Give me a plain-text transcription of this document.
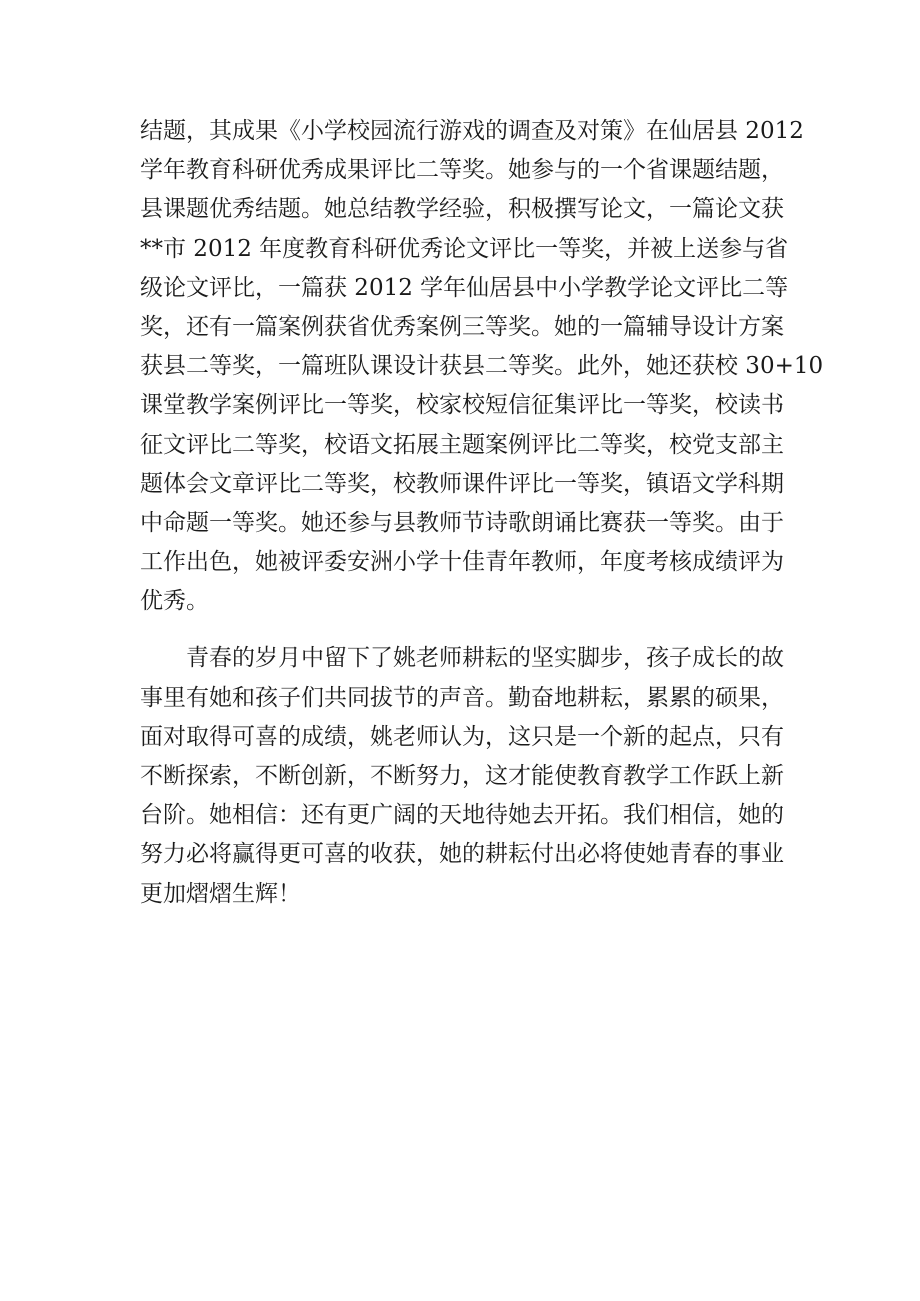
结题，其成果《小学校园流行游戏的调查及对策》在仙居县 2012
学年教育科研优秀成果评比二等奖。她参与的一个省课题结题，
县课题优秀结题。她总结教学经验，积极撰写论文，一篇论文获
**市 2012 年度教育科研优秀论文评比一等奖，并被上送参与省
级论文评比，一篇获 2012 学年仙居县中小学教学论文评比二等
奖，还有一篇案例获省优秀案例三等奖。她的一篇辅导设计方案
获县二等奖，一篇班队课设计获县二等奖。此外，她还获校 30+10
课堂教学案例评比一等奖，校家校短信征集评比一等奖，校读书
征文评比二等奖，校语文拓展主题案例评比二等奖，校党支部主
题体会文章评比二等奖，校教师课件评比一等奖，镇语文学科期
中命题一等奖。她还参与县教师节诗歌朗诵比赛获一等奖。由于
工作出色，她被评委安洲小学十佳青年教师，年度考核成绩评为
优秀。
青春的岁月中留下了姚老师耕耘的坚实脚步，孩子成长的故
事里有她和孩子们共同拔节的声音。勤奋地耕耘，累累的硕果，
面对取得可喜的成绩，姚老师认为，这只是一个新的起点，只有
不断探索，不断创新，不断努力，这才能使教育教学工作跃上新
台阶。她相信：还有更广阔的天地待她去开拓。我们相信，她的
努力必将赢得更可喜的收获，她的耕耘付出必将使她青春的事业
更加熠熠生辉！
